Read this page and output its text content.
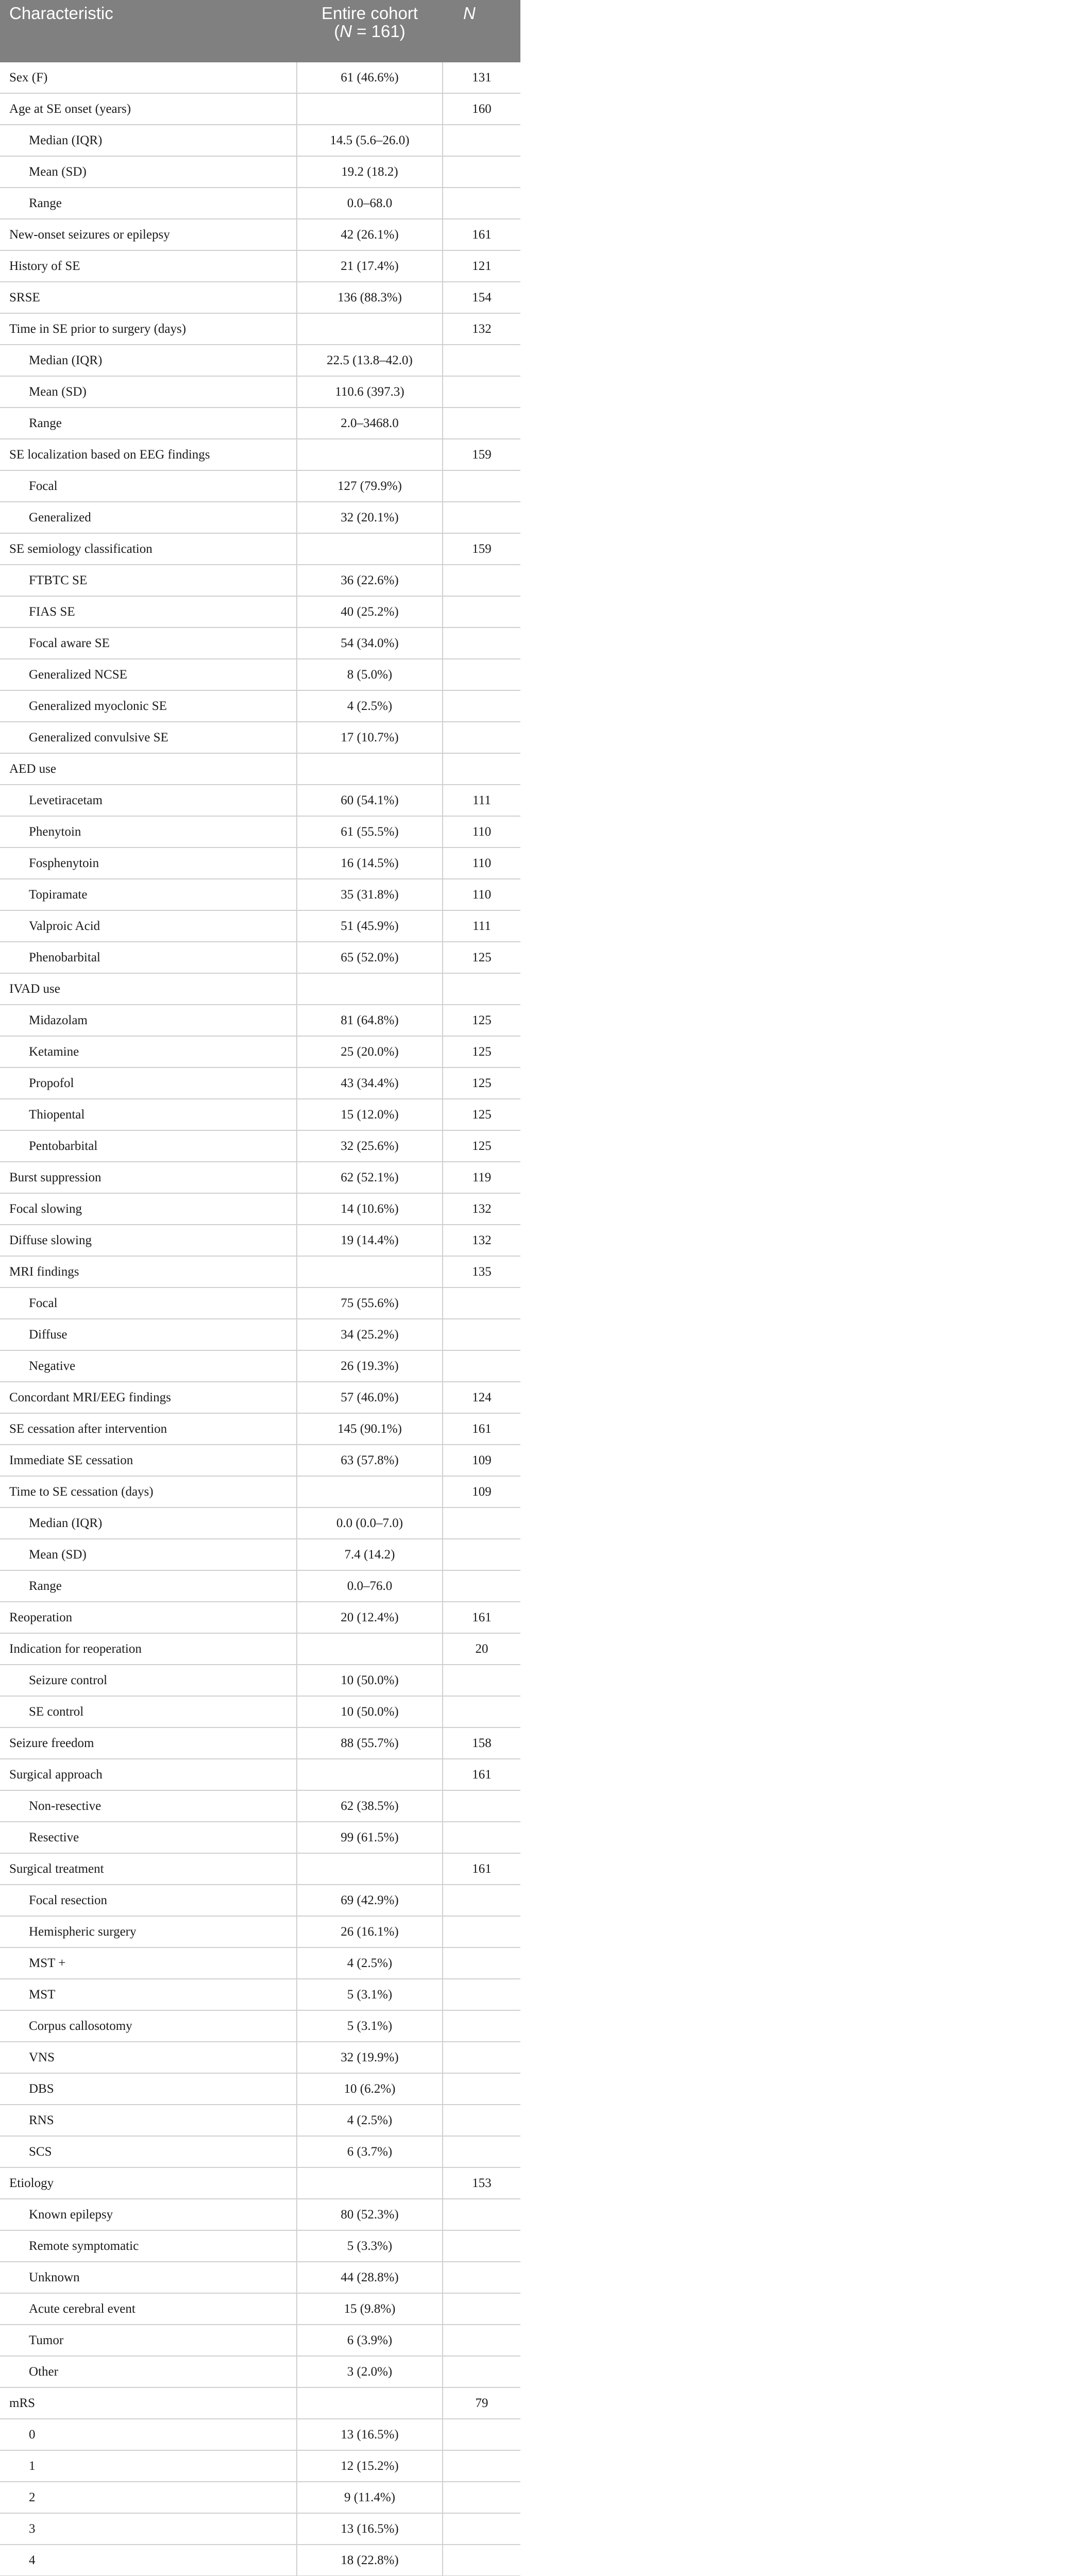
Characteristic	Entire cohort
(N = 161)	N
Sex (F)	61 (46.6%)	131
Age at SE onset (years)		160
Median (IQR)	14.5 (5.6–26.0)	
Mean (SD)	19.2 (18.2)	
Range	0.0–68.0	
New-onset seizures or epilepsy	42 (26.1%)	161
History of SE	21 (17.4%)	121
SRSE	136 (88.3%)	154
Time in SE prior to surgery (days)		132
Median (IQR)	22.5 (13.8–42.0)	
Mean (SD)	110.6 (397.3)	
Range	2.0–3468.0	
SE localization based on EEG findings		159
Focal	127 (79.9%)	
Generalized	32 (20.1%)	
SE semiology classification		159
FTBTC SE	36 (22.6%)	
FIAS SE	40 (25.2%)	
Focal aware SE	54 (34.0%)	
Generalized NCSE	8 (5.0%)	
Generalized myoclonic SE	4 (2.5%)	
Generalized convulsive SE	17 (10.7%)	
AED use		
Levetiracetam	60 (54.1%)	111
Phenytoin	61 (55.5%)	110
Fosphenytoin	16 (14.5%)	110
Topiramate	35 (31.8%)	110
Valproic Acid	51 (45.9%)	111
Phenobarbital	65 (52.0%)	125
IVAD use		
Midazolam	81 (64.8%)	125
Ketamine	25 (20.0%)	125
Propofol	43 (34.4%)	125
Thiopental	15 (12.0%)	125
Pentobarbital	32 (25.6%)	125
Burst suppression	62 (52.1%)	119
Focal slowing	14 (10.6%)	132
Diffuse slowing	19 (14.4%)	132
MRI findings		135
Focal	75 (55.6%)	
Diffuse	34 (25.2%)	
Negative	26 (19.3%)	
Concordant MRI/EEG findings	57 (46.0%)	124
SE cessation after intervention	145 (90.1%)	161
Immediate SE cessation	63 (57.8%)	109
Time to SE cessation (days)		109
Median (IQR)	0.0 (0.0–7.0)	
Mean (SD)	7.4 (14.2)	
Range	0.0–76.0	
Reoperation	20 (12.4%)	161
Indication for reoperation		20
Seizure control	10 (50.0%)	
SE control	10 (50.0%)	
Seizure freedom	88 (55.7%)	158
Surgical approach		161
Non-resective	62 (38.5%)	
Resective	99 (61.5%)	
Surgical treatment		161
Focal resection	69 (42.9%)	
Hemispheric surgery	26 (16.1%)	
MST +	4 (2.5%)	
MST	5 (3.1%)	
Corpus callosotomy	5 (3.1%)	
VNS	32 (19.9%)	
DBS	10 (6.2%)	
RNS	4 (2.5%)	
SCS	6 (3.7%)	
Etiology		153
Known epilepsy	80 (52.3%)	
Remote symptomatic	5 (3.3%)	
Unknown	44 (28.8%)	
Acute cerebral event	15 (9.8%)	
Tumor	6 (3.9%)	
Other	3 (2.0%)	
mRS		79
0	13 (16.5%)	
1	12 (15.2%)	
2	9 (11.4%)	
3	13 (16.5%)	
4	18 (22.8%)	
